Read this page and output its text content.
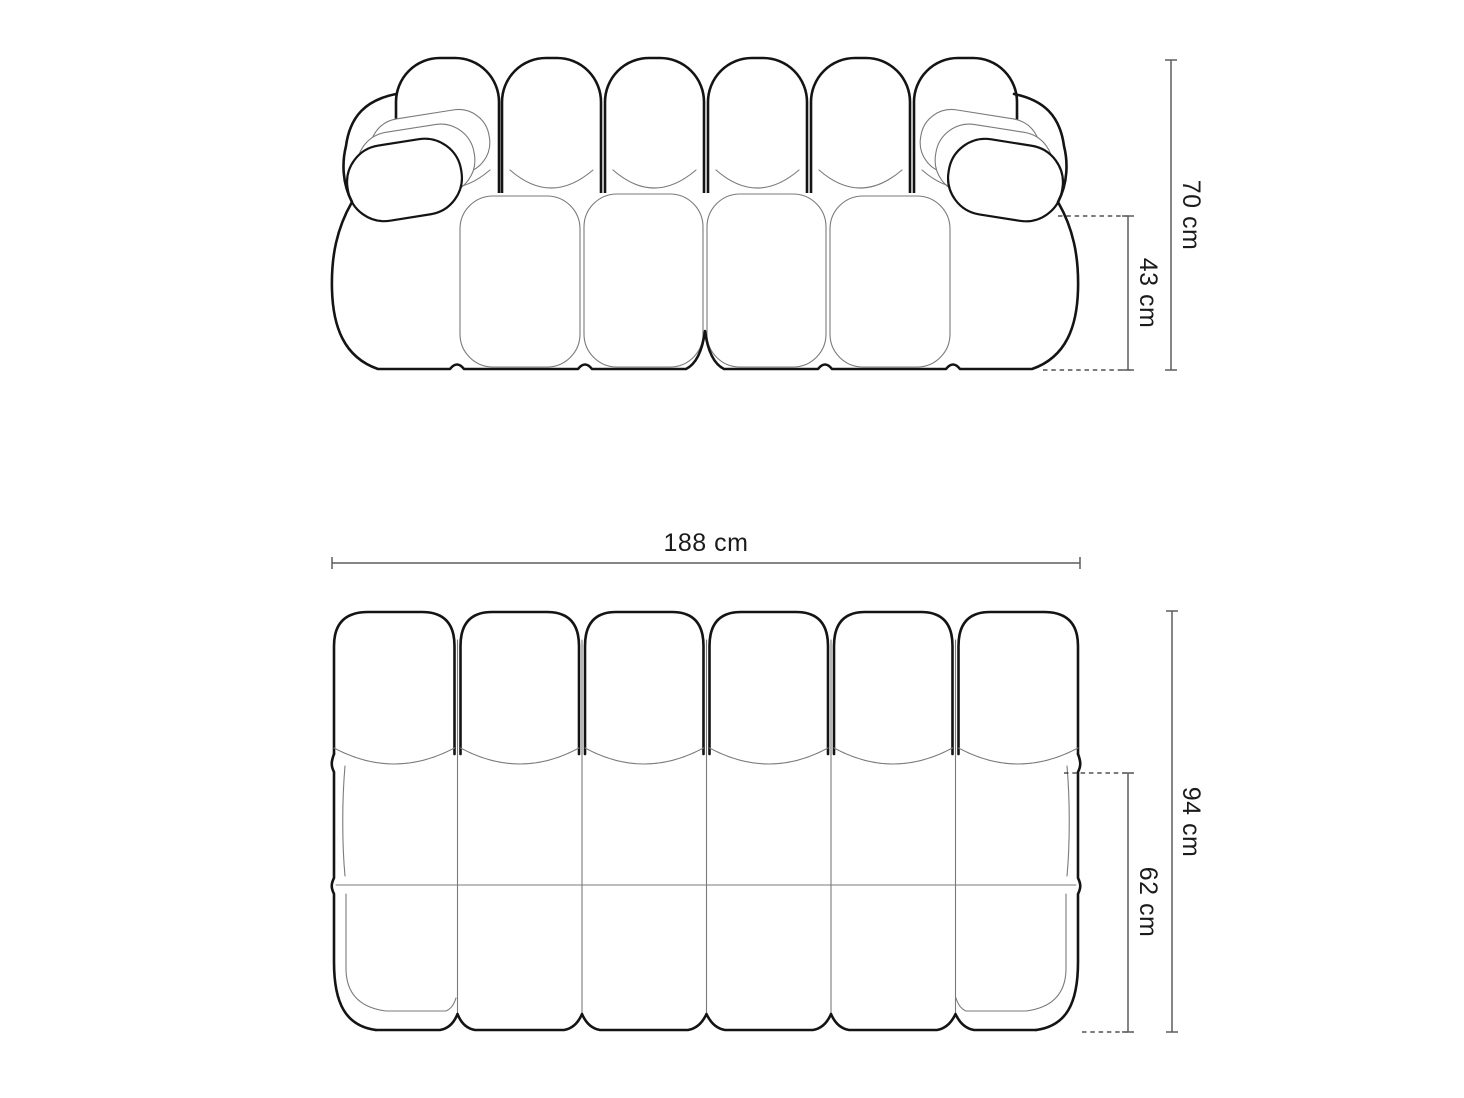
70 cm
43 cm
188 cm
94 cm
62 cm
